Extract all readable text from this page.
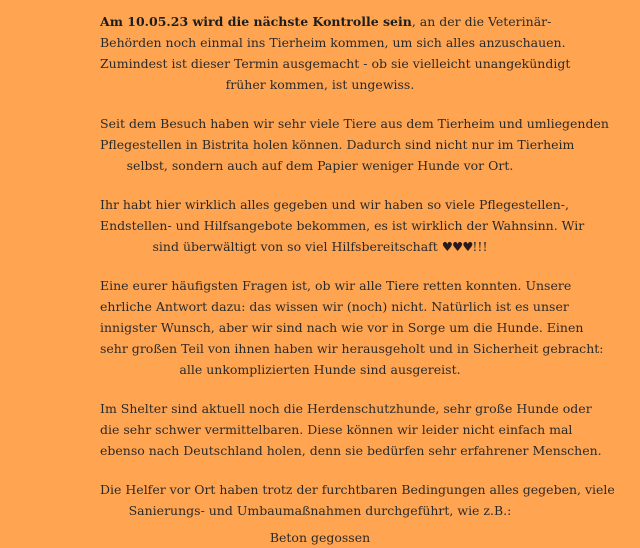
Am 10.05.23 wird die nächste Kontrolle sein, an der die Veterinär-
Behörden noch einmal ins Tierheim kommen, um sich alles anzuschauen.
Zumindest ist dieser Termin ausgemacht - ob sie vielleicht unangekündigt
früher kommen, ist ungewiss.

Seit dem Besuch haben wir sehr viele Tiere aus dem Tierheim und umliegenden
Pflegestellen in Bistrita holen können. Dadurch sind nicht nur im Tierheim
selbst, sondern auch auf dem Papier weniger Hunde vor Ort.

Ihr habt hier wirklich alles gegeben und wir haben so viele Pflegestellen-,
Endstellen- und Hilfsangebote bekommen, es ist wirklich der Wahnsinn. Wir
sind überwältigt von so viel Hilfsbereitschaft ♥♥♥!!!

Eine eurer häufigsten Fragen ist, ob wir alle Tiere retten konnten. Unsere
ehrliche Antwort dazu: das wissen wir (noch) nicht. Natürlich ist es unser
innigster Wunsch, aber wir sind nach wie vor in Sorge um die Hunde. Einen
sehr großen Teil von ihnen haben wir herausgeholt und in Sicherheit gebracht:
alle unkomplizierten Hunde sind ausgereist.

Im Shelter sind aktuell noch die Herdenschutzhunde, sehr große Hunde oder
die sehr schwer vermittelbaren. Diese können wir leider nicht einfach mal
ebenso nach Deutschland holen, denn sie bedürfen sehr erfahrener Menschen.

Die Helfer vor Ort haben trotz der furchtbaren Bedingungen alles gegeben, viele
Sanierungs- und Umbaumaßnahmen durchgeführt, wie z.B.:

Beton gegossen
